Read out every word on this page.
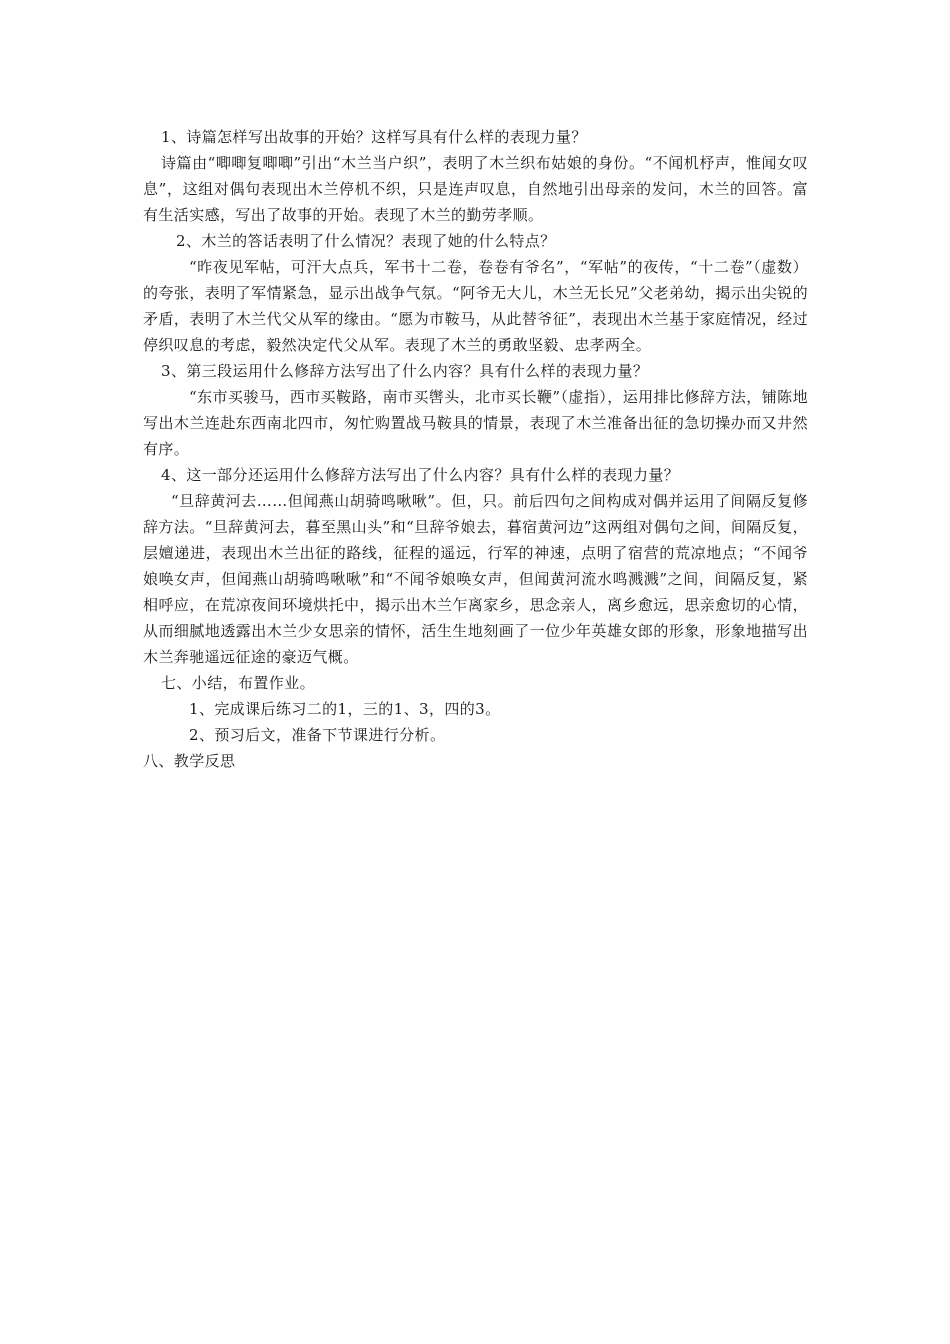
1、诗篇怎样写出故事的开始？这样写具有什么样的表现力量？

诗篇由“唧唧复唧唧”引出“木兰当户织”，表明了木兰织布姑娘的身份。“不闻机杼声，惟闻女叹息”，这组对偶句表现出木兰停机不织，只是连声叹息，自然地引出母亲的发问，木兰的回答。富有生活实感，写出了故事的开始。表现了木兰的勤劳孝顺。

2、木兰的答话表明了什么情况？表现了她的什么特点？

“昨夜见军帖，可汗大点兵，军书十二卷，卷卷有爷名”，“军帖”的夜传，“十二卷”（虚数）的夸张，表明了军情紧急，显示出战争气氛。“阿爷无大儿，木兰无长兄”父老弟幼，揭示出尖锐的矛盾，表明了木兰代父从军的缘由。“愿为市鞍马，从此替爷征”，表现出木兰基于家庭情况，经过停织叹息的考虑，毅然决定代父从军。表现了木兰的勇敢坚毅、忠孝两全。

3、第三段运用什么修辞方法写出了什么内容？具有什么样的表现力量？

“东市买骏马，西市买鞍路，南市买辔头，北市买长鞭”（虚指），运用排比修辞方法，铺陈地写出木兰连赴东西南北四市，匆忙购置战马鞍具的情景，表现了木兰准备出征的急切操办而又井然有序。

4、这一部分还运用什么修辞方法写出了什么内容？具有什么样的表现力量？

“旦辞黄河去……但闻燕山胡骑鸣啾啾”。但，只。前后四句之间构成对偶并运用了间隔反复修辞方法。“旦辞黄河去，暮至黑山头”和“旦辞爷娘去，暮宿黄河边”这两组对偶句之间，间隔反复，层嬗递进，表现出木兰出征的路线，征程的遥远，行军的神速，点明了宿营的荒凉地点；“不闻爷娘唤女声，但闻燕山胡骑鸣啾啾”和“不闻爷娘唤女声，但闻黄河流水鸣溅溅”之间，间隔反复，紧相呼应，在荒凉夜间环境烘托中，揭示出木兰乍离家乡，思念亲人，离乡愈远，思亲愈切的心情，从而细腻地透露出木兰少女思亲的情怀，活生生地刻画了一位少年英雄女郎的形象，形象地描写出木兰奔驰遥远征途的豪迈气概。

七、小结，布置作业。

1、完成课后练习二的1，三的1、3，四的3。

2、预习后文，准备下节课进行分析。

八、教学反思
